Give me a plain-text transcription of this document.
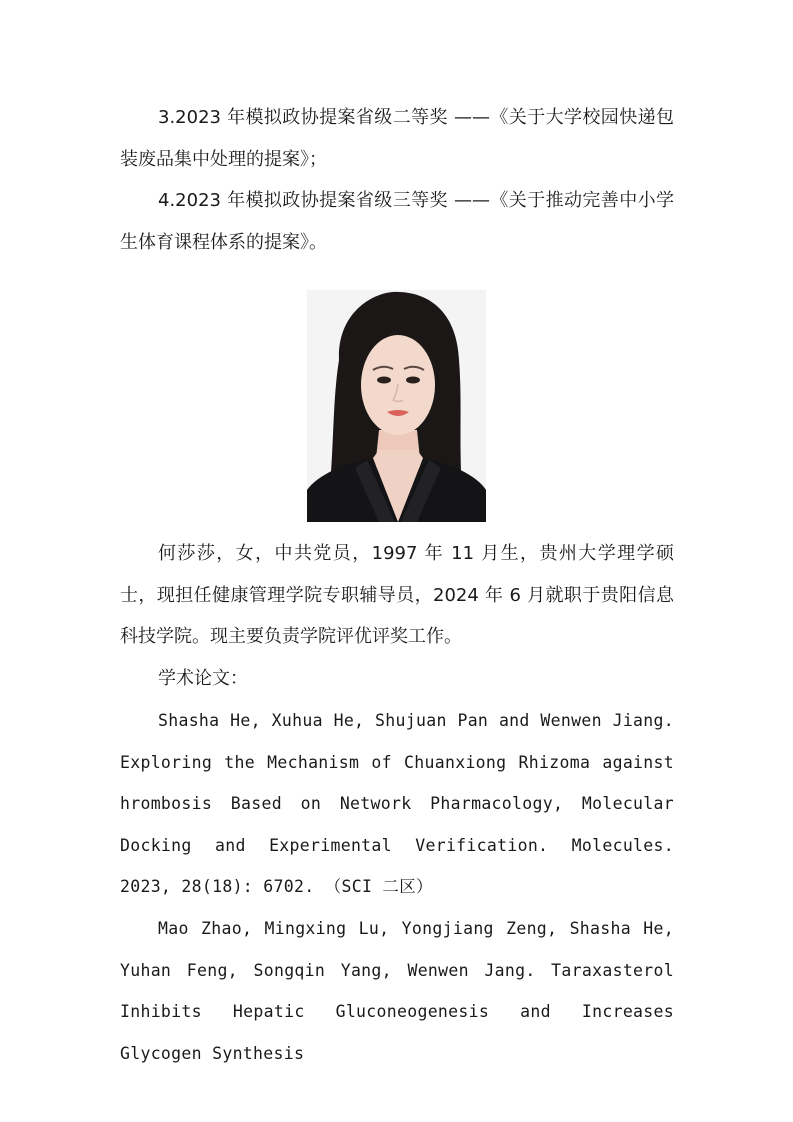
3.2023 年模拟政协提案省级二等奖 ——《关于大学校园快递包装废品集中处理的提案》；

4.2023 年模拟政协提案省级三等奖 ——《关于推动完善中小学生体育课程体系的提案》。

何莎莎，女，中共党员，1997 年 11 月生，贵州大学理学硕士，现担任健康管理学院专职辅导员，2024 年 6 月就职于贵阳信息科技学院。现主要负责学院评优评奖工作。

学术论文：

Shasha He, Xuhua He, Shujuan Pan and Wenwen Jiang. Exploring the Mechanism of Chuanxiong Rhizoma against hrombosis Based on Network Pharmacology, Molecular Docking and Experimental Verification. Molecules. 2023, 28(18): 6702. （SCI 二区）

Mao Zhao, Mingxing Lu, Yongjiang Zeng, Shasha He, Yuhan Feng, Songqin Yang, Wenwen Jang. Taraxasterol Inhibits Hepatic Gluconeogenesis and Increases Glycogen Synthesis
